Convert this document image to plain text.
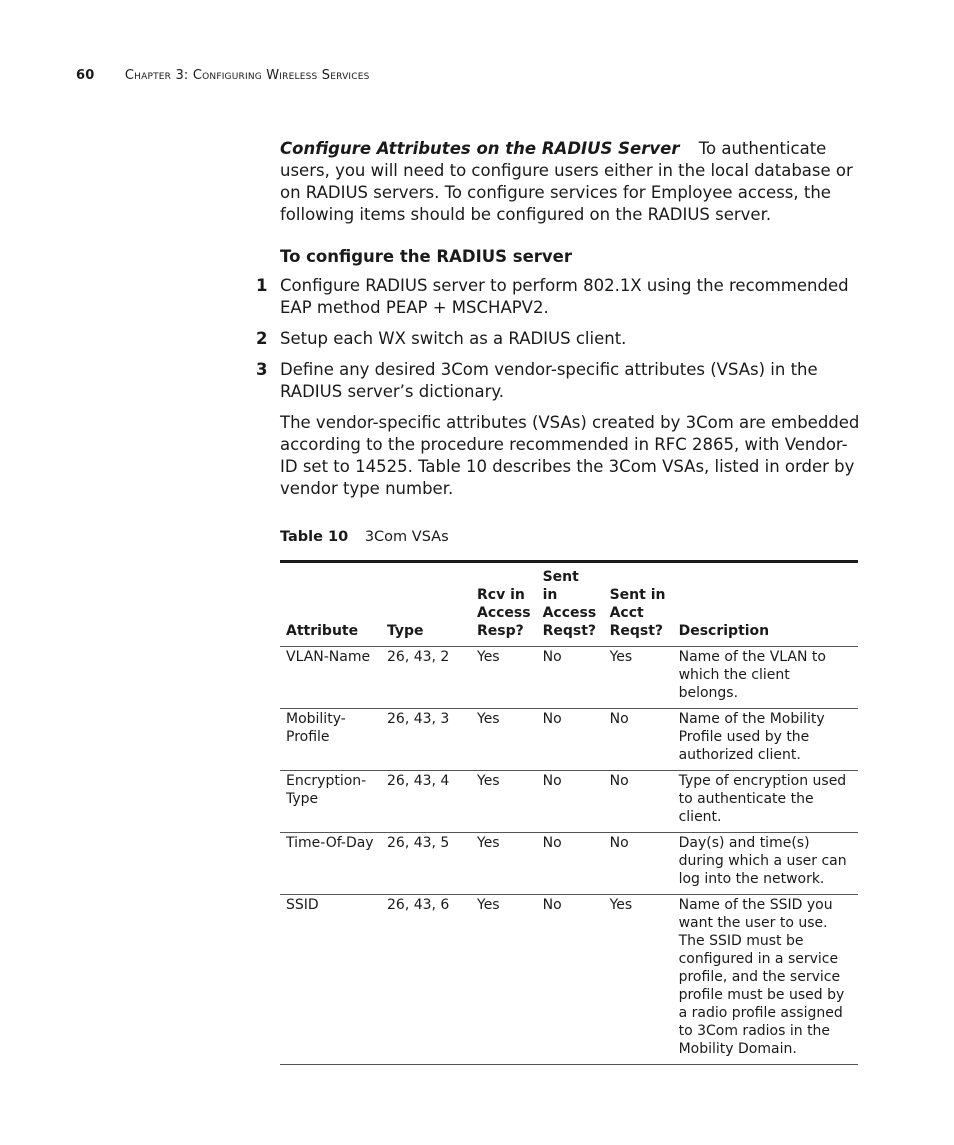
60 Chapter 3: Configuring Wireless Services

Configure Attributes on the RADIUS Server To authenticate users, you will need to configure users either in the local database or on RADIUS servers. To configure services for Employee access, the following items should be configured on the RADIUS server.

To configure the RADIUS server
1 Configure RADIUS server to perform 802.1X using the recommended EAP method PEAP + MSCHAPV2.
2 Setup each WX switch as a RADIUS client.
3 Define any desired 3Com vendor-specific attributes (VSAs) in the RADIUS server’s dictionary.

The vendor-specific attributes (VSAs) created by 3Com are embedded according to the procedure recommended in RFC 2865, with Vendor-ID set to 14525. Table 10 describes the 3Com VSAs, listed in order by vendor type number.

Table 10 3Com VSAs
Attribute	Type	Rcv in Access Resp?	Sent in Access Reqst?	Sent in Acct Reqst?	Description
VLAN-Name	26, 43, 2	Yes	No	Yes	Name of the VLAN to which the client belongs.
Mobility-Profile	26, 43, 3	Yes	No	No	Name of the Mobility Profile used by the authorized client.
Encryption-Type	26, 43, 4	Yes	No	No	Type of encryption used to authenticate the client.
Time-Of-Day	26, 43, 5	Yes	No	No	Day(s) and time(s) during which a user can log into the network.
SSID	26, 43, 6	Yes	No	Yes	Name of the SSID you want the user to use. The SSID must be configured in a service profile, and the service profile must be used by a radio profile assigned to 3Com radios in the Mobility Domain.
